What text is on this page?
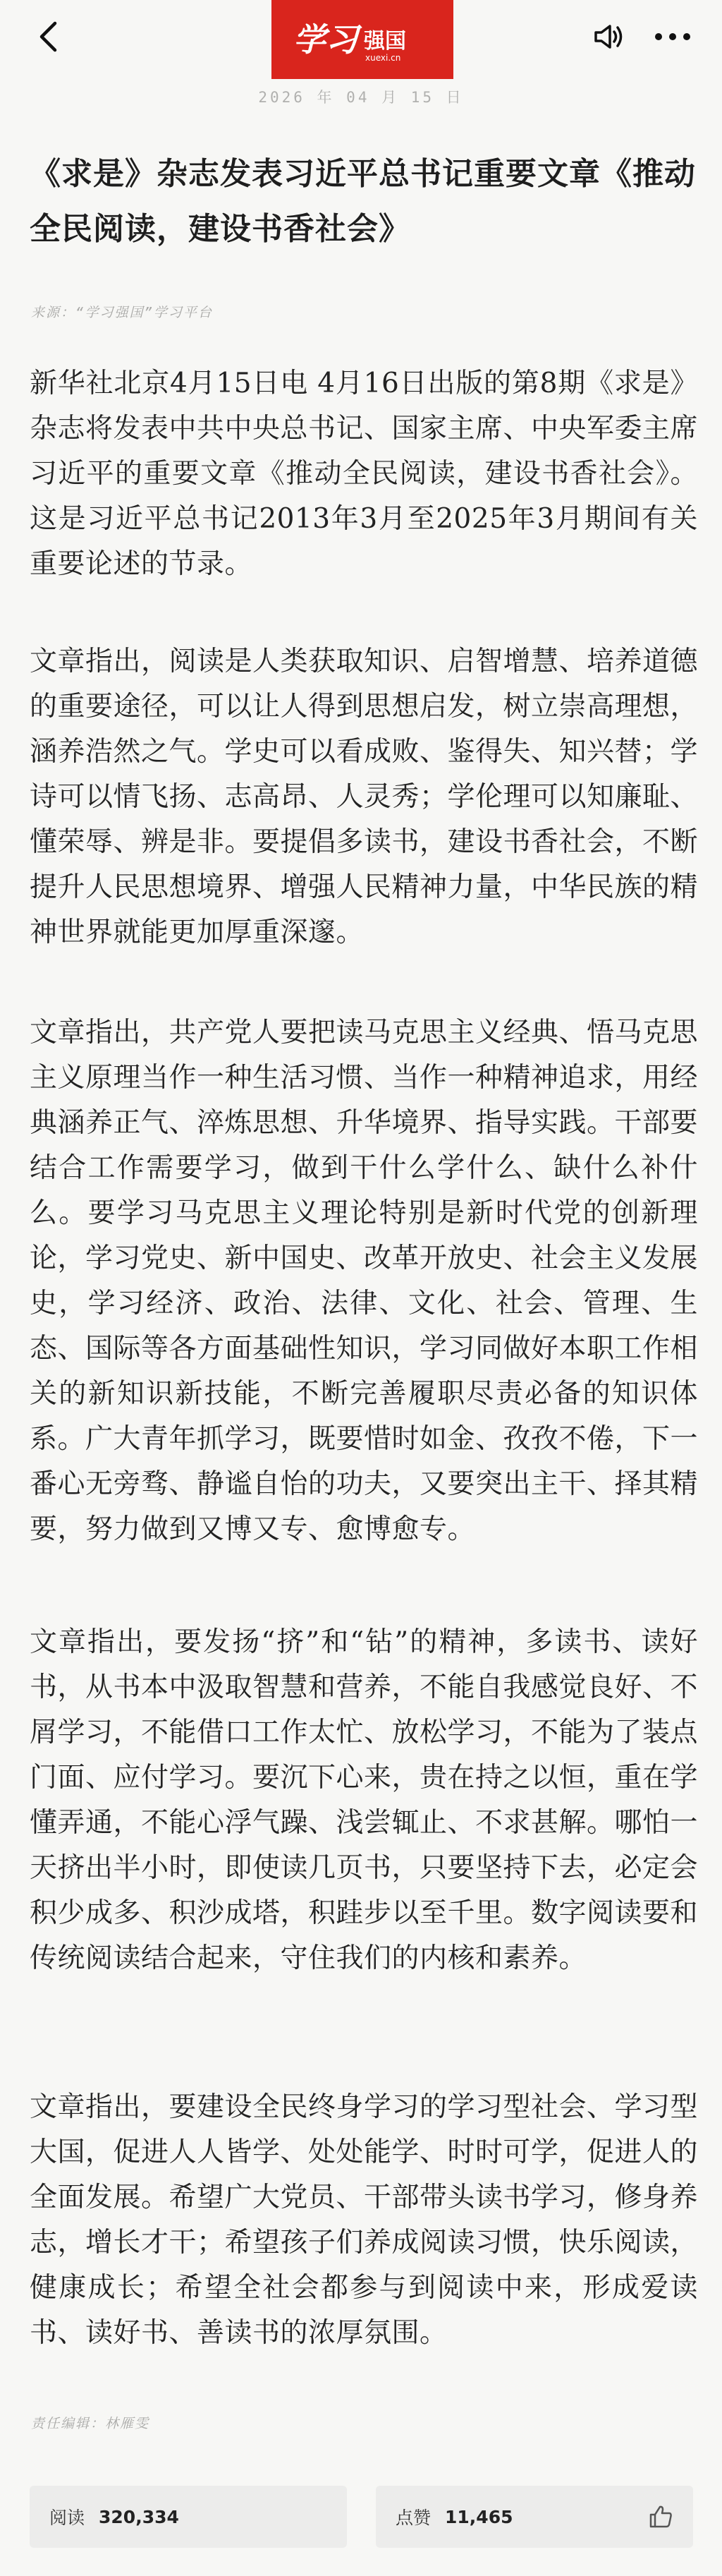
学习 强国
xuexi.cn
2026 年 04 月 15 日
《求是》杂志发表习近平总书记重要文章《推动全民阅读，建设书香社会》
来源：“学习强国”学习平台

新华社北京4月15日电 4月16日出版的第8期《求是》杂志将发表中共中央总书记、国家主席、中央军委主席习近平的重要文章《推动全民阅读，建设书香社会》。这是习近平总书记2013年3月至2025年3月期间有关重要论述的节录。

文章指出，阅读是人类获取知识、启智增慧、培养道德的重要途径，可以让人得到思想启发，树立崇高理想，涵养浩然之气。学史可以看成败、鉴得失、知兴替；学诗可以情飞扬、志高昂、人灵秀；学伦理可以知廉耻、懂荣辱、辨是非。要提倡多读书，建设书香社会，不断提升人民思想境界、增强人民精神力量，中华民族的精神世界就能更加厚重深邃。

文章指出，共产党人要把读马克思主义经典、悟马克思主义原理当作一种生活习惯、当作一种精神追求，用经典涵养正气、淬炼思想、升华境界、指导实践。干部要结合工作需要学习，做到干什么学什么、缺什么补什么。要学习马克思主义理论特别是新时代党的创新理论，学习党史、新中国史、改革开放史、社会主义发展史，学习经济、政治、法律、文化、社会、管理、生态、国际等各方面基础性知识，学习同做好本职工作相关的新知识新技能，不断完善履职尽责必备的知识体系。广大青年抓学习，既要惜时如金、孜孜不倦，下一番心无旁骛、静谧自怡的功夫，又要突出主干、择其精要，努力做到又博又专、愈博愈专。

文章指出，要发扬“挤”和“钻”的精神，多读书、读好书，从书本中汲取智慧和营养，不能自我感觉良好、不屑学习，不能借口工作太忙、放松学习，不能为了装点门面、应付学习。要沉下心来，贵在持之以恒，重在学懂弄通，不能心浮气躁、浅尝辄止、不求甚解。哪怕一天挤出半小时，即使读几页书，只要坚持下去，必定会积少成多、积沙成塔，积跬步以至千里。数字阅读要和传统阅读结合起来，守住我们的内核和素养。

文章指出，要建设全民终身学习的学习型社会、学习型大国，促进人人皆学、处处能学、时时可学，促进人的全面发展。希望广大党员、干部带头读书学习，修身养志，增长才干；希望孩子们养成阅读习惯，快乐阅读，健康成长；希望全社会都参与到阅读中来，形成爱读书、读好书、善读书的浓厚氛围。

责任编辑：林雁雯
阅读 320,334	点赞 11,465
